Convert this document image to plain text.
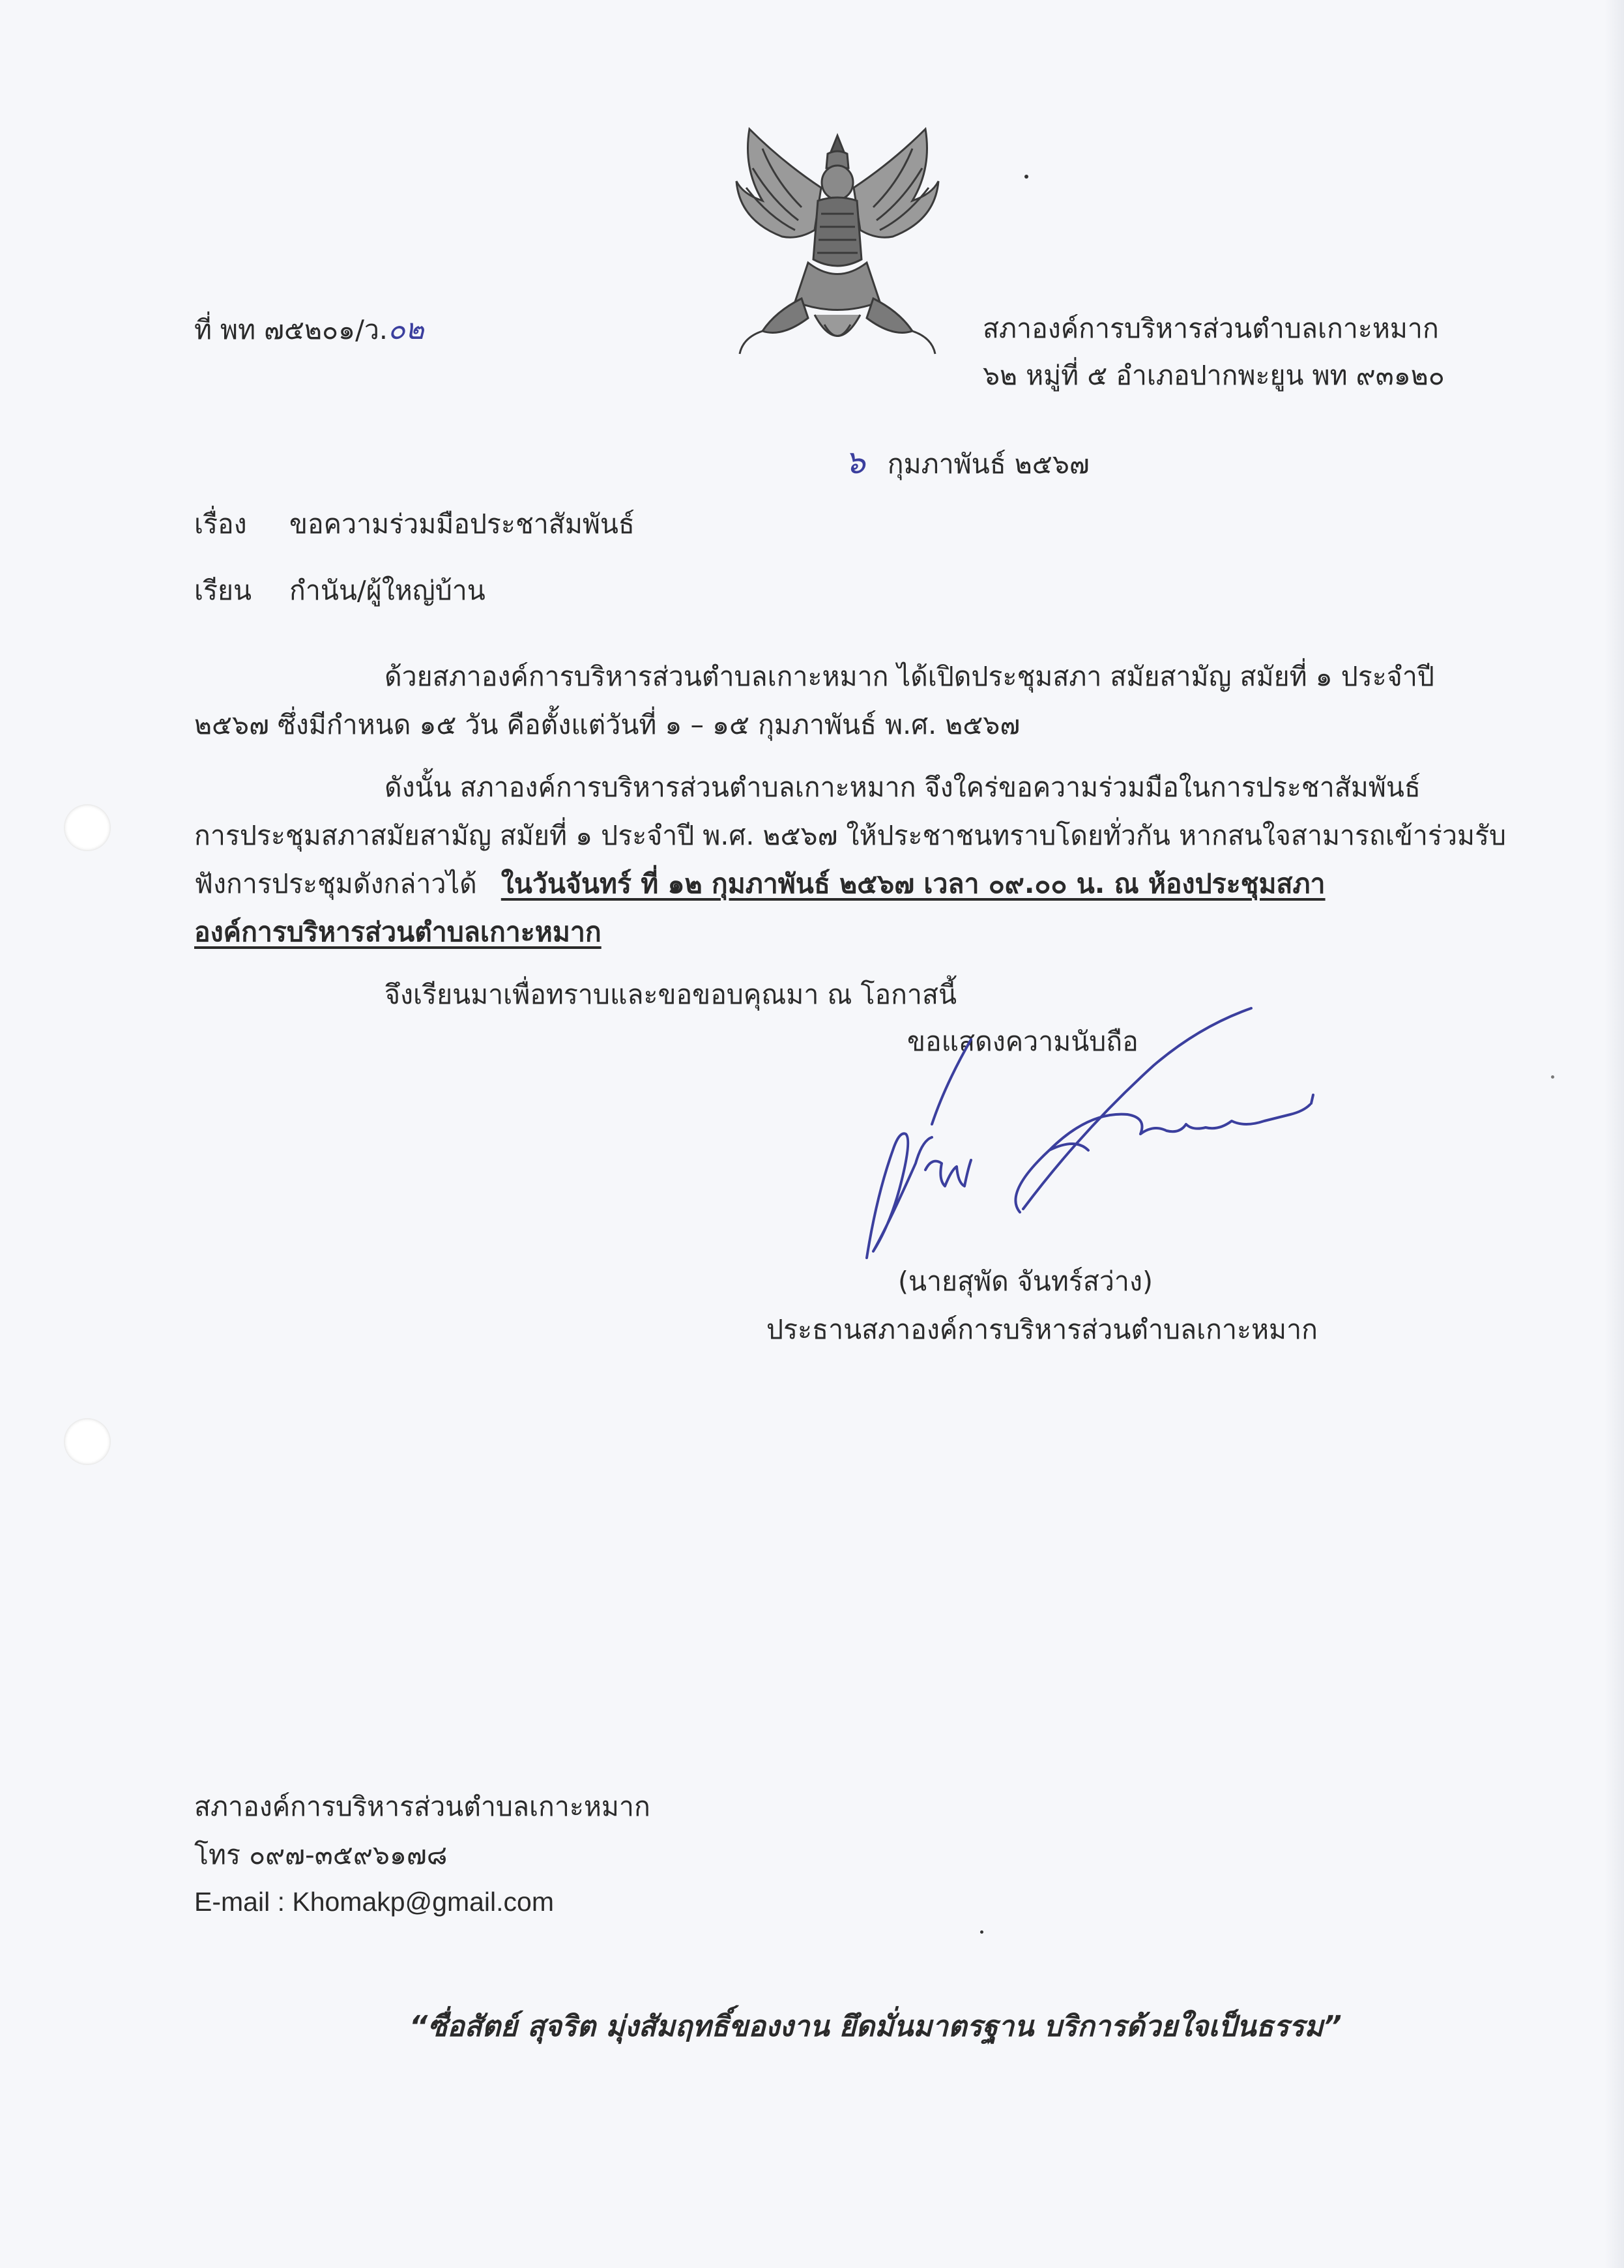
ที่ พท ๗๕๒๐๑/ว.๐๒	สภาองค์การบริหารส่วนตำบลเกาะหมาก
๖๒ หมู่ที่ ๕ อำเภอปากพะยูน พท ๙๓๑๒๐
๖ กุมภาพันธ์ ๒๕๖๗
เรื่อง ขอความร่วมมือประชาสัมพันธ์
เรียน กำนัน/ผู้ใหญ่บ้าน
ด้วยสภาองค์การบริหารส่วนตำบลเกาะหมาก ได้เปิดประชุมสภา สมัยสามัญ สมัยที่ ๑ ประจำปี
๒๕๖๗ ซึ่งมีกำหนด ๑๕ วัน คือตั้งแต่วันที่ ๑ – ๑๕ กุมภาพันธ์ พ.ศ. ๒๕๖๗
ดังนั้น สภาองค์การบริหารส่วนตำบลเกาะหมาก จึงใคร่ขอความร่วมมือในการประชาสัมพันธ์
การประชุมสภาสมัยสามัญ สมัยที่ ๑ ประจำปี พ.ศ. ๒๕๖๗ ให้ประชาชนทราบโดยทั่วกัน หากสนใจสามารถเข้าร่วมรับ
ฟังการประชุมดังกล่าวได้ ในวันจันทร์ ที่ ๑๒ กุมภาพันธ์ ๒๕๖๗ เวลา ๐๙.๐๐ น. ณ ห้องประชุมสภา
องค์การบริหารส่วนตำบลเกาะหมาก
จึงเรียนมาเพื่อทราบและขอขอบคุณมา ณ โอกาสนี้
ขอแสดงความนับถือ
(นายสุพัด จันทร์สว่าง)
ประธานสภาองค์การบริหารส่วนตำบลเกาะหมาก
สภาองค์การบริหารส่วนตำบลเกาะหมาก
โทร ๐๙๗-๓๕๙๖๑๗๘
E-mail : Khomakp@gmail.com
“ซื่อสัตย์ สุจริต มุ่งสัมฤทธิ์ของงาน ยึดมั่นมาตรฐาน บริการด้วยใจเป็นธรรม”
